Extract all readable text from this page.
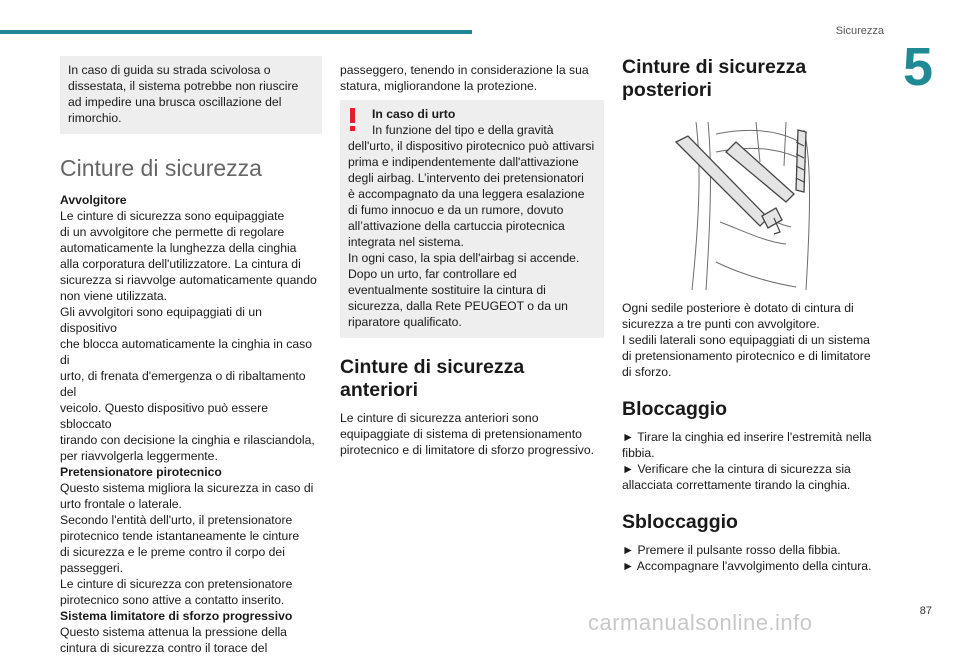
Sicurezza
5
In caso di guida su strada scivolosa o
dissestata, il sistema potrebbe non riuscire
ad impedire una brusca oscillazione del
rimorchio.
Cinture di sicurezza
Avvolgitore
Le cinture di sicurezza sono equipaggiate
di un avvolgitore che permette di regolare
automaticamente la lunghezza della cinghia
alla corporatura dell'utilizzatore. La cintura di
sicurezza si riavvolge automaticamente quando
non viene utilizzata.
Gli avvolgitori sono equipaggiati di un dispositivo
che blocca automaticamente la cinghia in caso di
urto, di frenata d'emergenza o di ribaltamento del
veicolo. Questo dispositivo può essere sbloccato
tirando con decisione la cinghia e rilasciandola,
per riavvolgerla leggermente.
Pretensionatore pirotecnico
Questo sistema migliora la sicurezza in caso di
urto frontale o laterale.
Secondo l'entità dell'urto, il pretensionatore
pirotecnico tende istantaneamente le cinture
di sicurezza e le preme contro il corpo dei
passeggeri.
Le cinture di sicurezza con pretensionatore
pirotecnico sono attive a contatto inserito.
Sistema limitatore di sforzo progressivo
Questo sistema attenua la pressione della
cintura di sicurezza contro il torace del
passeggero, tenendo in considerazione la sua
statura, migliorandone la protezione.
In caso di urto
In funzione del tipo e della gravità
dell'urto, il dispositivo pirotecnico può attivarsi
prima e indipendentemente dall'attivazione
degli airbag. L’intervento dei pretensionatori
è accompagnato da una leggera esalazione
di fumo innocuo e da un rumore, dovuto
all’attivazione della cartuccia pirotecnica
integrata nel sistema.
In ogni caso, la spia dell'airbag si accende.
Dopo un urto, far controllare ed
eventualmente sostituire la cintura di
sicurezza, dalla Rete PEUGEOT o da un
riparatore qualificato.
Cinture di sicurezza
anteriori
Le cinture di sicurezza anteriori sono
equipaggiate di sistema di pretensionamento
pirotecnico e di limitatore di sforzo progressivo.
Cinture di sicurezza
posteriori
Ogni sedile posteriore è dotato di cintura di
sicurezza a tre punti con avvolgitore.
I sedili laterali sono equipaggiati di un sistema
di pretensionamento pirotecnico e di limitatore
di sforzo.
Bloccaggio
► Tirare la cinghia ed inserire l'estremità nella
fibbia.
► Verificare che la cintura di sicurezza sia
allacciata correttamente tirando la cinghia.
Sbloccaggio
► Premere il pulsante rosso della fibbia.
► Accompagnare l'avvolgimento della cintura.
87
carmanualsonline.info
